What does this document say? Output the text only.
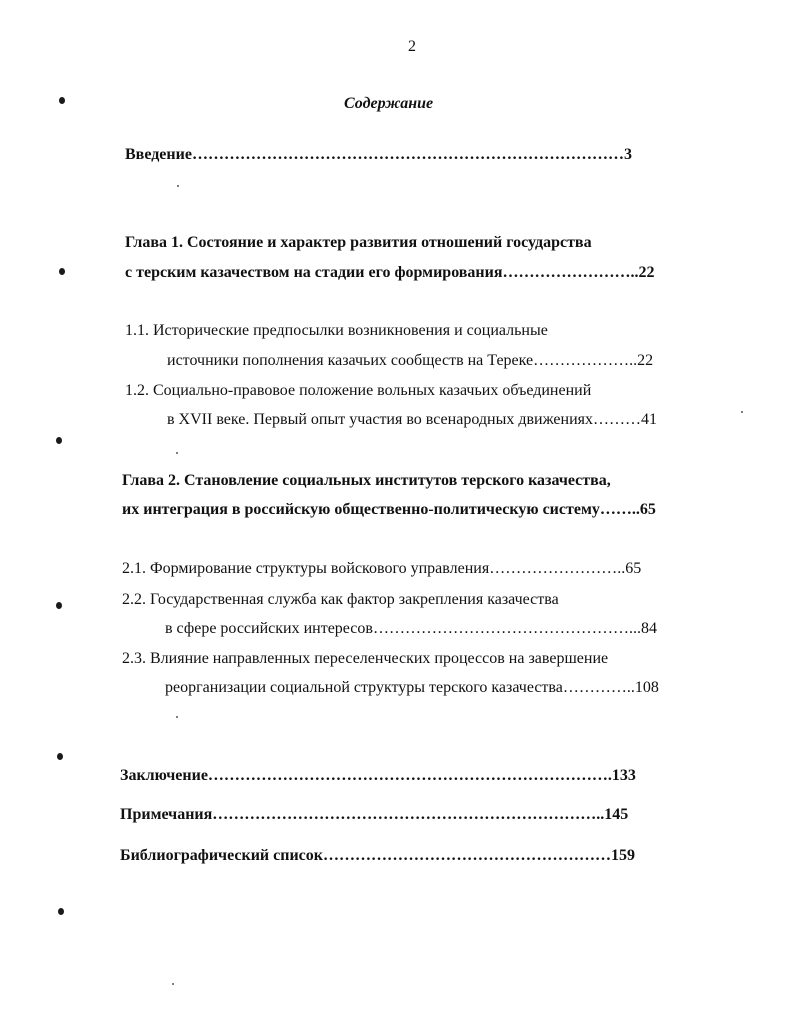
2
Содержание
Введение………………………………………………………………………3
Глава 1. Состояние и характер развития отношений государства
с терским казачеством на стадии его формирования……………………..22
1.1. Исторические предпосылки возникновения и социальные
источники пополнения казачьих сообществ на Тереке………………..22
1.2. Социально-правовое положение вольных казачьих объединений
в XVII веке. Первый опыт участия во всенародных движениях………41
Глава 2. Становление социальных институтов терского казачества,
их интеграция в российскую общественно-политическую систему……..65
2.1. Формирование структуры войскового управления……………………..65
2.2. Государственная служба как фактор закрепления казачества
в сфере российских интересов…………………………………………...84
2.3. Влияние направленных переселенческих процессов на завершение
реорганизации социальной структуры терского казачества…………..108
Заключение………………………………………………………………….133
Примечания………………………………………………………………..145
Библиографический список………………………………………………159
